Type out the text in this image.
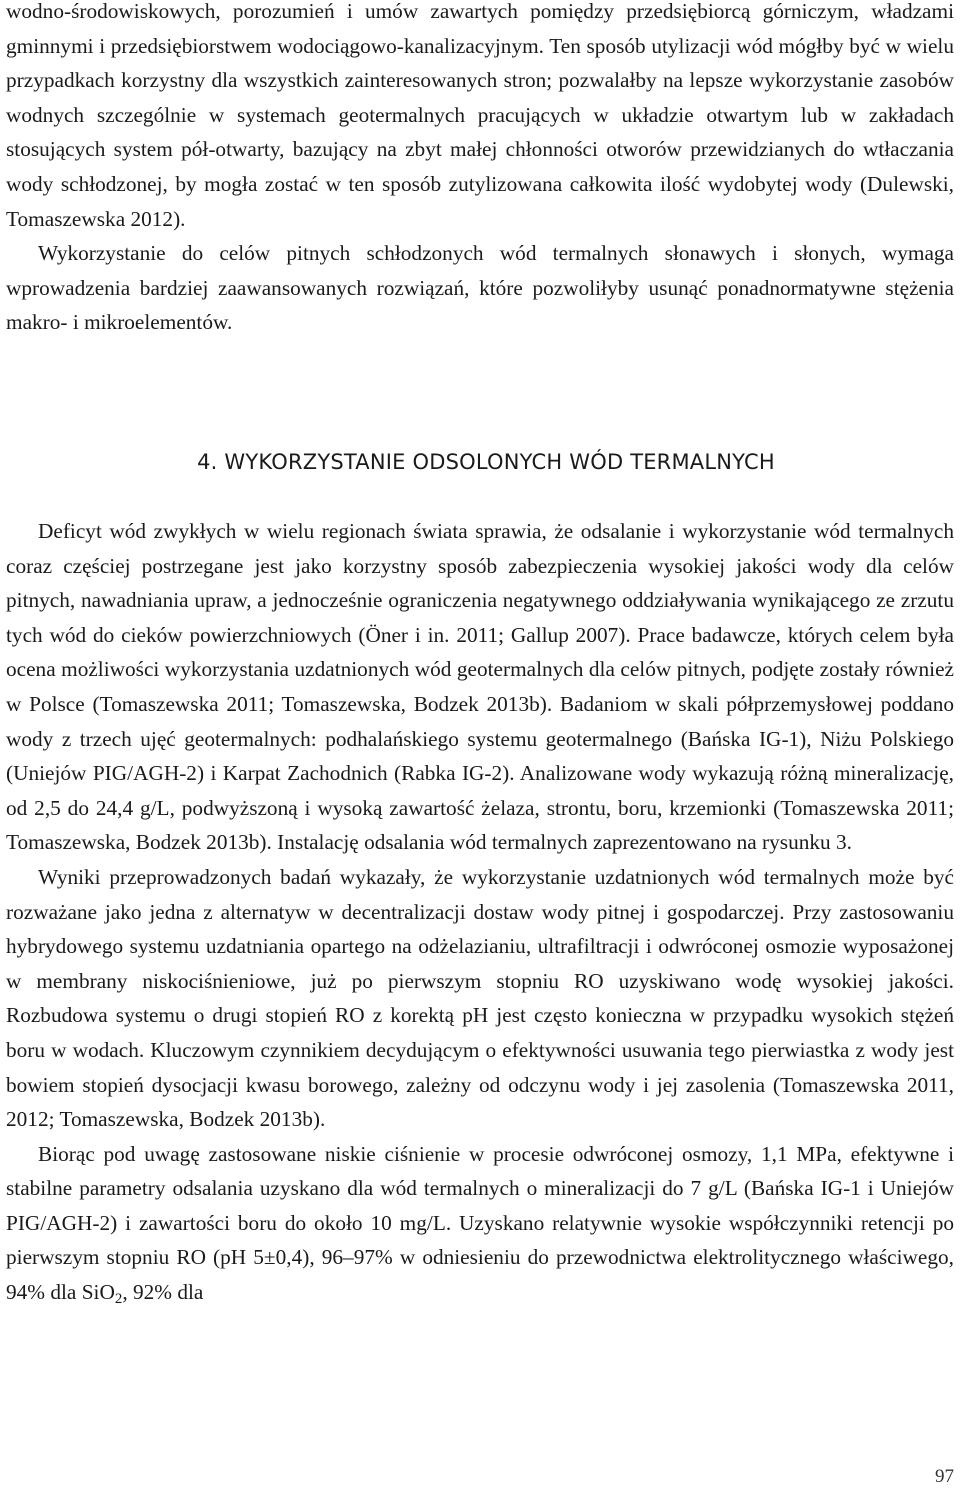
wodno-środowiskowych, porozumień i umów zawartych pomiędzy przedsiębiorcą górniczym, władzami gminnymi i przedsiębiorstwem wodociągowo-kanalizacyjnym. Ten sposób utylizacji wód mógłby być w wielu przypadkach korzystny dla wszystkich zainteresowanych stron; pozwalałby na lepsze wykorzystanie zasobów wodnych szczególnie w systemach geotermalnych pracujących w układzie otwartym lub w zakładach stosujących system pół-otwarty, bazujący na zbyt małej chłonności otworów przewidzianych do wtłaczania wody schłodzonej, by mogła zostać w ten sposób zutylizowana całkowita ilość wydobytej wody (Dulewski, Tomaszewska 2012).

Wykorzystanie do celów pitnych schłodzonych wód termalnych słonawych i słonych, wymaga wprowadzenia bardziej zaawansowanych rozwiązań, które pozwoliłyby usunąć ponadnormatywne stężenia makro- i mikroelementów.

4. WYKORZYSTANIE ODSOLONYCH WÓD TERMALNYCH

Deficyt wód zwykłych w wielu regionach świata sprawia, że odsalanie i wykorzystanie wód termalnych coraz częściej postrzegane jest jako korzystny sposób zabezpieczenia wysokiej jakości wody dla celów pitnych, nawadniania upraw, a jednocześnie ograniczenia negatywnego oddziaływania wynikającego ze zrzutu tych wód do cieków powierzchniowych (Öner i in. 2011; Gallup 2007). Prace badawcze, których celem była ocena możliwości wykorzystania uzdatnionych wód geotermalnych dla celów pitnych, podjęte zostały również w Polsce (Tomaszewska 2011; Tomaszewska, Bodzek 2013b). Badaniom w skali półprzemysłowej poddano wody z trzech ujęć geotermalnych: podhalańskiego systemu geotermalnego (Bańska IG-1), Niżu Polskiego (Uniejów PIG/AGH-2) i Karpat Zachodnich (Rabka IG-2). Analizowane wody wykazują różną mineralizację, od 2,5 do 24,4 g/L, podwyższoną i wysoką zawartość żelaza, strontu, boru, krzemionki (Tomaszewska 2011; Tomaszewska, Bodzek 2013b). Instalację odsalania wód termalnych zaprezentowano na rysunku 3.

Wyniki przeprowadzonych badań wykazały, że wykorzystanie uzdatnionych wód termalnych może być rozważane jako jedna z alternatyw w decentralizacji dostaw wody pitnej i gospodarczej. Przy zastosowaniu hybrydowego systemu uzdatniania opartego na odżelazianiu, ultrafiltracji i odwróconej osmozie wyposażonej w membrany niskociśnieniowe, już po pierwszym stopniu RO uzyskiwano wodę wysokiej jakości. Rozbudowa systemu o drugi stopień RO z korektą pH jest często konieczna w przypadku wysokich stężeń boru w wodach. Kluczowym czynnikiem decydującym o efektywności usuwania tego pierwiastka z wody jest bowiem stopień dysocjacji kwasu borowego, zależny od odczynu wody i jej zasolenia (Tomaszewska 2011, 2012; Tomaszewska, Bodzek 2013b).

Biorąc pod uwagę zastosowane niskie ciśnienie w procesie odwróconej osmozy, 1,1 MPa, efektywne i stabilne parametry odsalania uzyskano dla wód termalnych o mineralizacji do 7 g/L (Bańska IG-1 i Uniejów PIG/AGH-2) i zawartości boru do około 10 mg/L. Uzyskano relatywnie wysokie współczynniki retencji po pierwszym stopniu RO (pH 5±0,4), 96–97% w odniesieniu do przewodnictwa elektrolitycznego właściwego, 94% dla SiO$_2$, 92% dla

97
